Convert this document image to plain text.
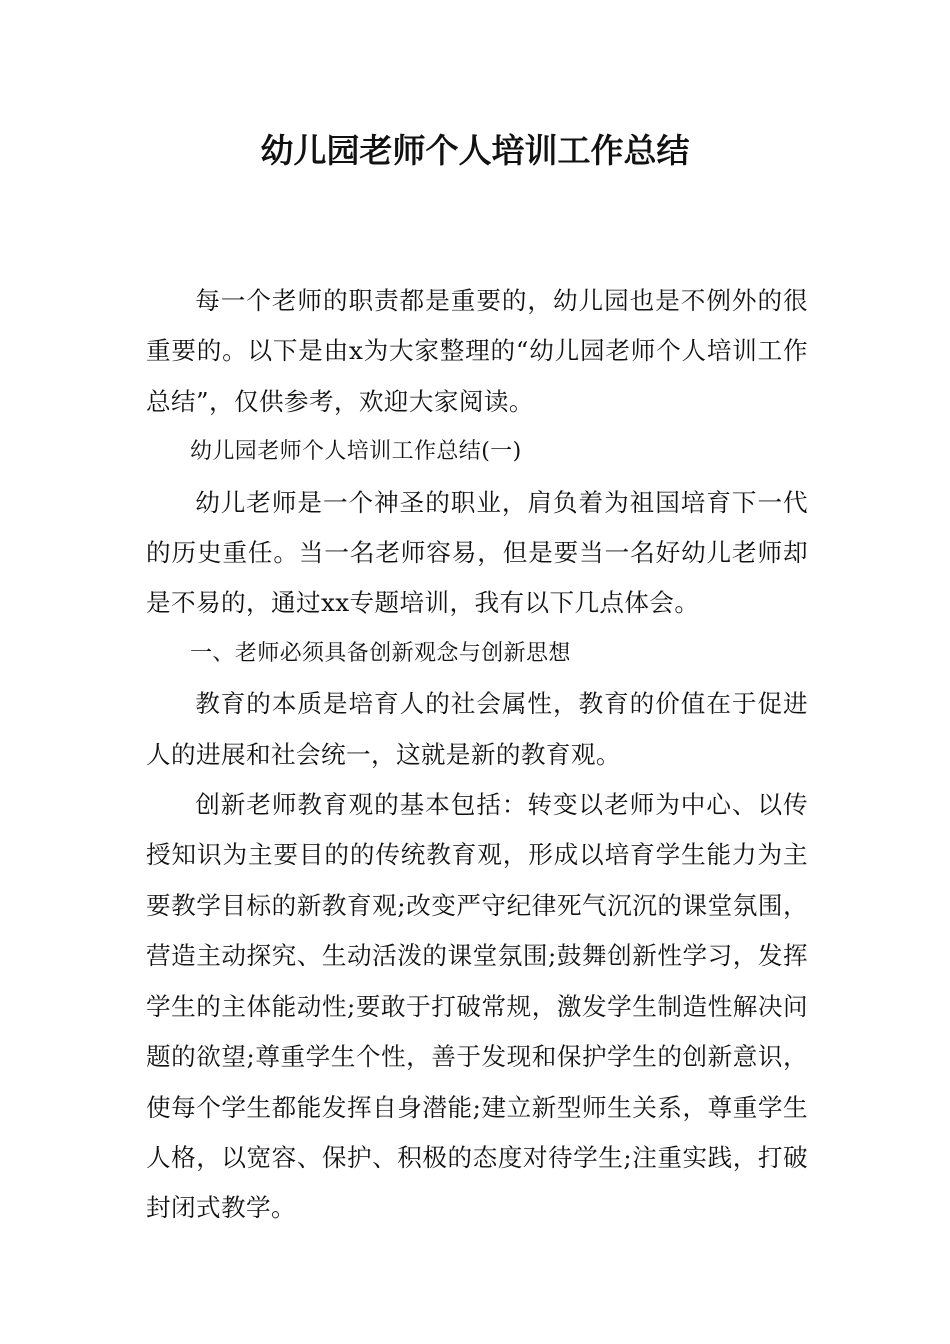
幼儿园老师个人培训工作总结

每一个老师的职责都是重要的，幼儿园也是不例外的很重要的。以下是由x为大家整理的“幼儿园老师个人培训工作总结”，仅供参考，欢迎大家阅读。

幼儿园老师个人培训工作总结(一)

幼儿老师是一个神圣的职业，肩负着为祖国培育下一代的历史重任。当一名老师容易，但是要当一名好幼儿老师却是不易的，通过xx专题培训，我有以下几点体会。

一、老师必须具备创新观念与创新思想

教育的本质是培育人的社会属性，教育的价值在于促进人的进展和社会统一，这就是新的教育观。

创新老师教育观的基本包括：转变以老师为中心、以传授知识为主要目的的传统教育观，形成以培育学生能力为主要教学目标的新教育观;改变严守纪律死气沉沉的课堂氛围，营造主动探究、生动活泼的课堂氛围;鼓舞创新性学习，发挥学生的主体能动性;要敢于打破常规，激发学生制造性解决问题的欲望;尊重学生个性，善于发现和保护学生的创新意识，使每个学生都能发挥自身潜能;建立新型师生关系，尊重学生人格，以宽容、保护、积极的态度对待学生;注重实践，打破封闭式教学。
